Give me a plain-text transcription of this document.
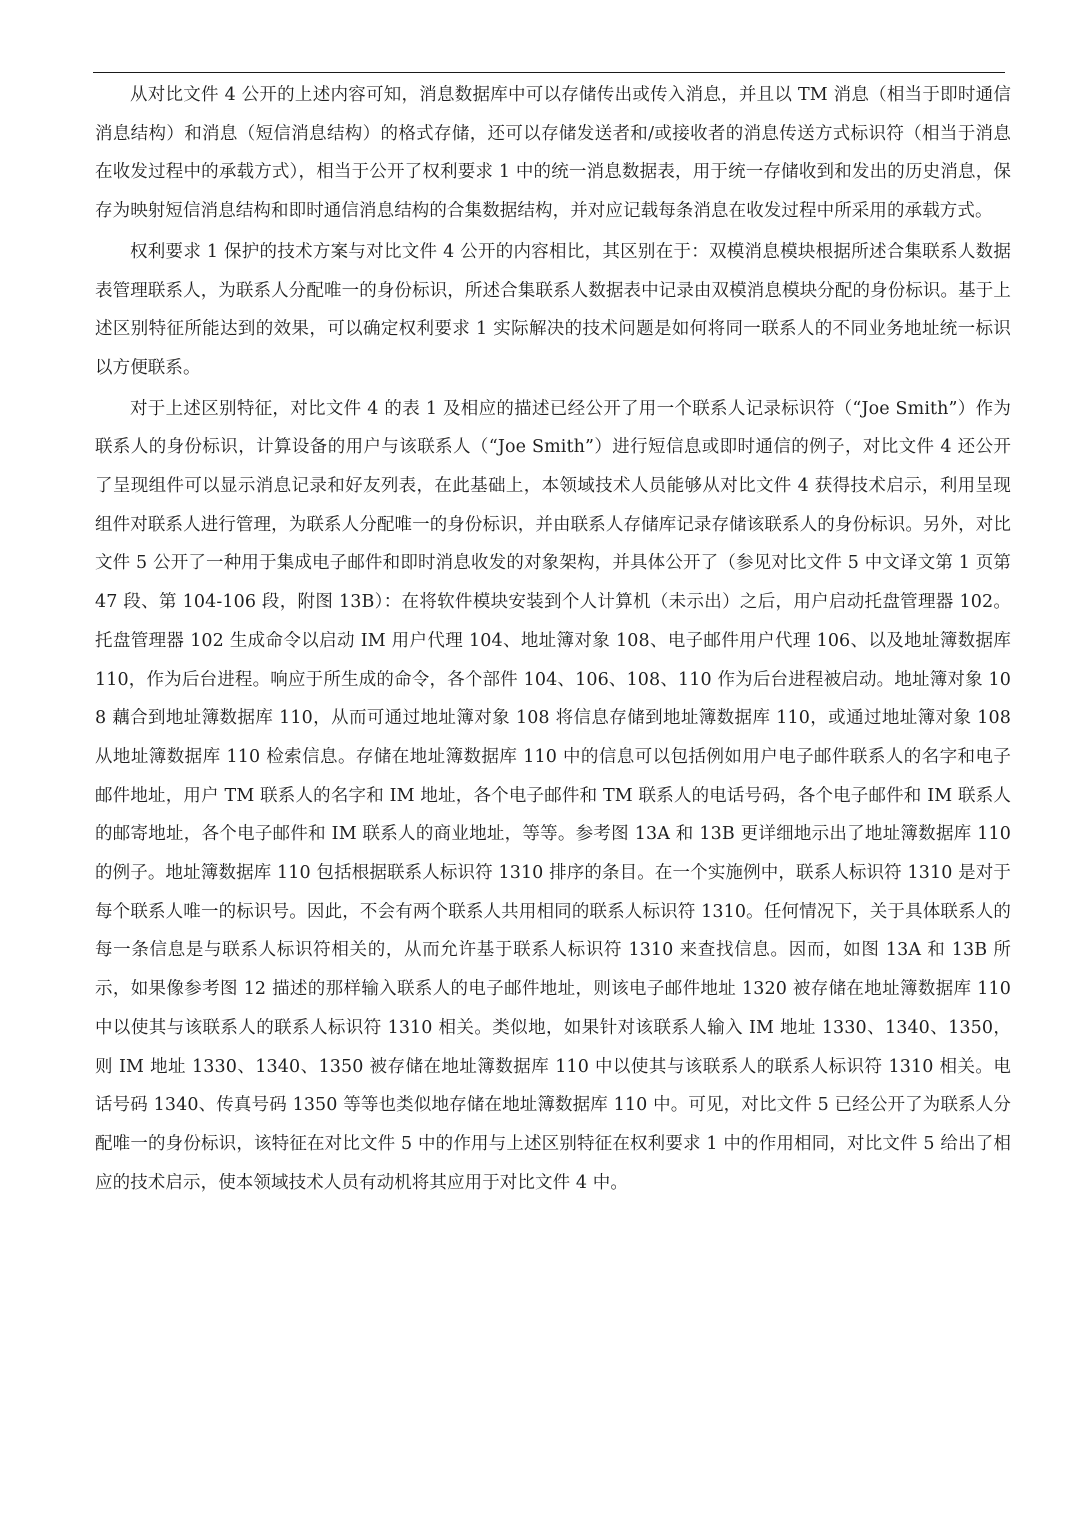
从对比文件 4 公开的上述内容可知，消息数据库中可以存储传出或传入消息，并且以 TM 消息（相当于即时通信消息结构）和消息（短信消息结构）的格式存储，还可以存储发送者和/或接收者的消息传送方式标识符（相当于消息在收发过程中的承载方式），相当于公开了权利要求 1 中的统一消息数据表，用于统一存储收到和发出的历史消息，保存为映射短信消息结构和即时通信消息结构的合集数据结构，并对应记载每条消息在收发过程中所采用的承载方式。

权利要求 1 保护的技术方案与对比文件 4 公开的内容相比，其区别在于：双模消息模块根据所述合集联系人数据表管理联系人，为联系人分配唯一的身份标识，所述合集联系人数据表中记录由双模消息模块分配的身份标识。基于上述区别特征所能达到的效果，可以确定权利要求 1 实际解决的技术问题是如何将同一联系人的不同业务地址统一标识以方便联系。

对于上述区别特征，对比文件 4 的表 1 及相应的描述已经公开了用一个联系人记录标识符（“Joe Smith”）作为联系人的身份标识，计算设备的用户与该联系人（“Joe Smith”）进行短信息或即时通信的例子，对比文件 4 还公开了呈现组件可以显示消息记录和好友列表，在此基础上，本领域技术人员能够从对比文件 4 获得技术启示，利用呈现组件对联系人进行管理，为联系人分配唯一的身份标识，并由联系人存储库记录存储该联系人的身份标识。另外，对比文件 5 公开了一种用于集成电子邮件和即时消息收发的对象架构，并具体公开了（参见对比文件 5 中文译文第 1 页第 47 段、第 104-106 段，附图 13B）：在将软件模块安装到个人计算机（未示出）之后，用户启动托盘管理器 102。托盘管理器 102 生成命令以启动 IM 用户代理 104、地址簿对象 108、电子邮件用户代理 106、以及地址簿数据库 110，作为后台进程。响应于所生成的命令，各个部件 104、106、108、110 作为后台进程被启动。地址簿对象 108 藕合到地址簿数据库 110，从而可通过地址簿对象 108 将信息存储到地址簿数据库 110，或通过地址簿对象 108 从地址簿数据库 110 检索信息。存储在地址簿数据库 110 中的信息可以包括例如用户电子邮件联系人的名字和电子邮件地址，用户 TM 联系人的名字和 IM 地址，各个电子邮件和 TM 联系人的电话号码，各个电子邮件和 IM 联系人的邮寄地址，各个电子邮件和 IM 联系人的商业地址，等等。参考图 13A 和 13B 更详细地示出了地址簿数据库 110 的例子。地址簿数据库 110 包括根据联系人标识符 1310 排序的条目。在一个实施例中，联系人标识符 1310 是对于每个联系人唯一的标识号。因此，不会有两个联系人共用相同的联系人标识符 1310。任何情况下，关于具体联系人的每一条信息是与联系人标识符相关的，从而允许基于联系人标识符 1310 来查找信息。因而，如图 13A 和 13B 所示，如果像参考图 12 描述的那样输入联系人的电子邮件地址，则该电子邮件地址 1320 被存储在地址簿数据库 110 中以使其与该联系人的联系人标识符 1310 相关。类似地，如果针对该联系人输入 IM 地址 1330、1340、1350，则 IM 地址 1330、1340、1350 被存储在地址簿数据库 110 中以使其与该联系人的联系人标识符 1310 相关。电话号码 1340、传真号码 1350 等等也类似地存储在地址簿数据库 110 中。可见，对比文件 5 已经公开了为联系人分配唯一的身份标识，该特征在对比文件 5 中的作用与上述区别特征在权利要求 1 中的作用相同，对比文件 5 给出了相应的技术启示，使本领域技术人员有动机将其应用于对比文件 4 中。
